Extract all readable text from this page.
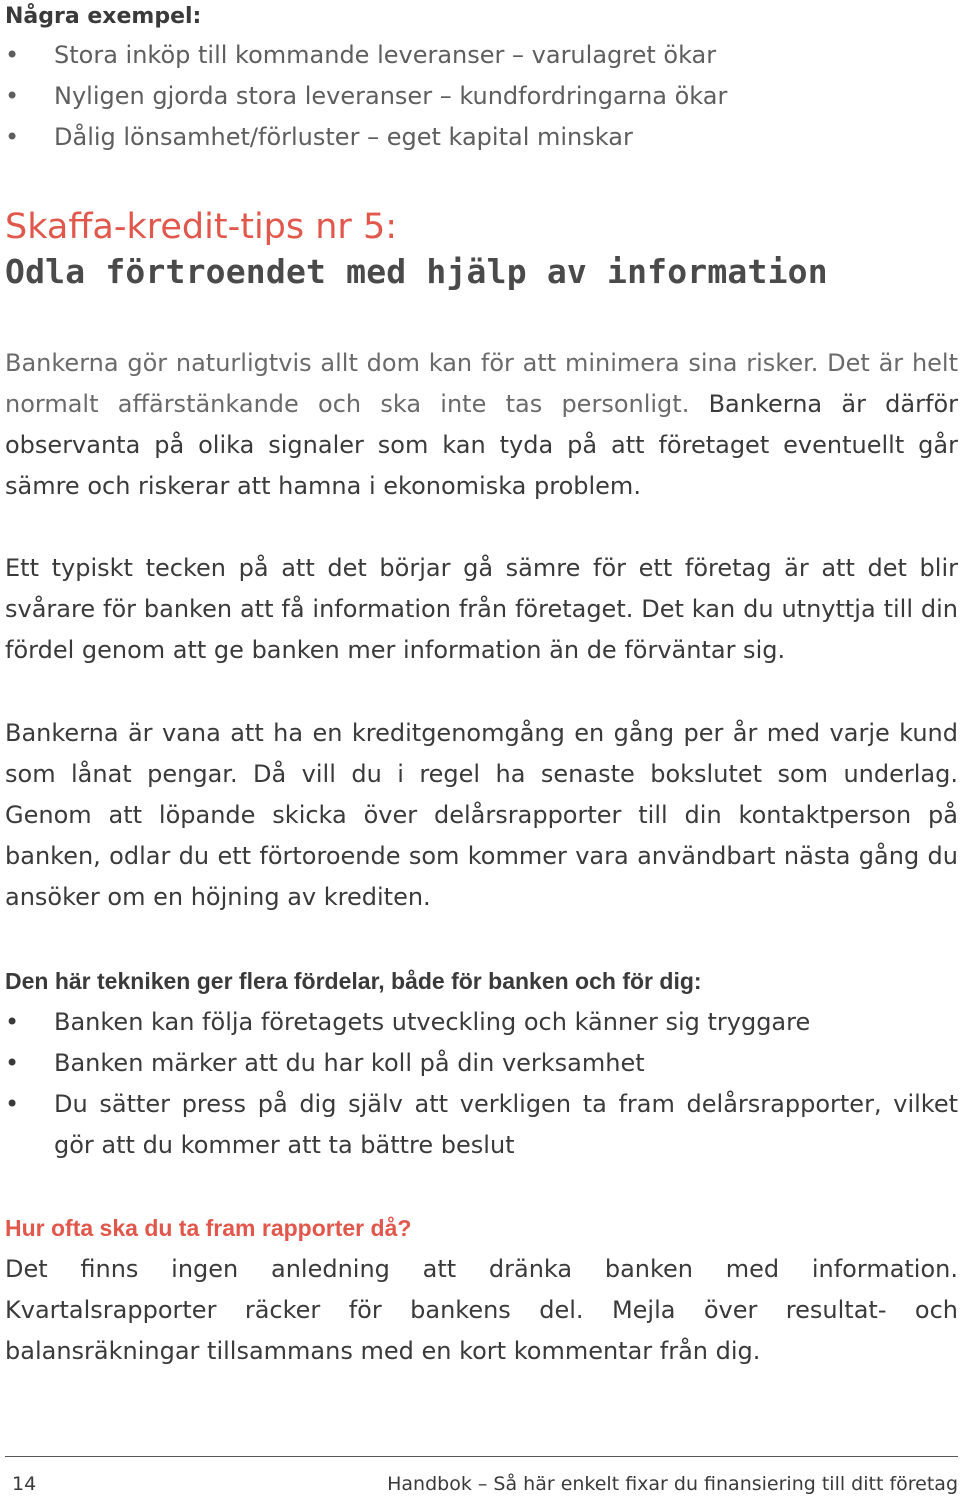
Några exempel:
• Stora inköp till kommande leveranser – varulagret ökar
• Nyligen gjorda stora leveranser – kundfordringarna ökar
• Dålig lönsamhet/förluster – eget kapital minskar
Skaffa-kredit-tips nr 5:
Odla förtroendet med hjälp av information

Bankerna gör naturligtvis allt dom kan för att minimera sina risker. Det är helt normalt affärstänkande och ska inte tas personligt. Bankerna är därför observanta på olika signaler som kan tyda på att företaget eventuellt går sämre och riskerar att hamna i ekonomiska problem.

Ett typiskt tecken på att det börjar gå sämre för ett företag är att det blir svårare för banken att få information från företaget. Det kan du utnyttja till din fördel genom att ge banken mer information än de förväntar sig.

Bankerna är vana att ha en kreditgenomgång en gång per år med varje kund som lånat pengar. Då vill du i regel ha senaste bokslutet som underlag. Genom att löpande skicka över delårsrapporter till din kontaktperson på banken, odlar du ett förtoroende som kommer vara användbart nästa gång du ansöker om en höjning av krediten.

Den här tekniken ger flera fördelar, både för banken och för dig:
• Banken kan följa företagets utveckling och känner sig tryggare
• Banken märker att du har koll på din verksamhet
• Du sätter press på dig själv att verkligen ta fram delårsrapporter, vilket gör att du kommer att ta bättre beslut
Hur ofta ska du ta fram rapporter då?

Det finns ingen anledning att dränka banken med information. Kvartalsrapporter räcker för bankens del. Mejla över resultat- och balansräkningar tillsammans med en kort kommentar från dig.

14	Handbok – Så här enkelt fixar du finansiering till ditt företag
